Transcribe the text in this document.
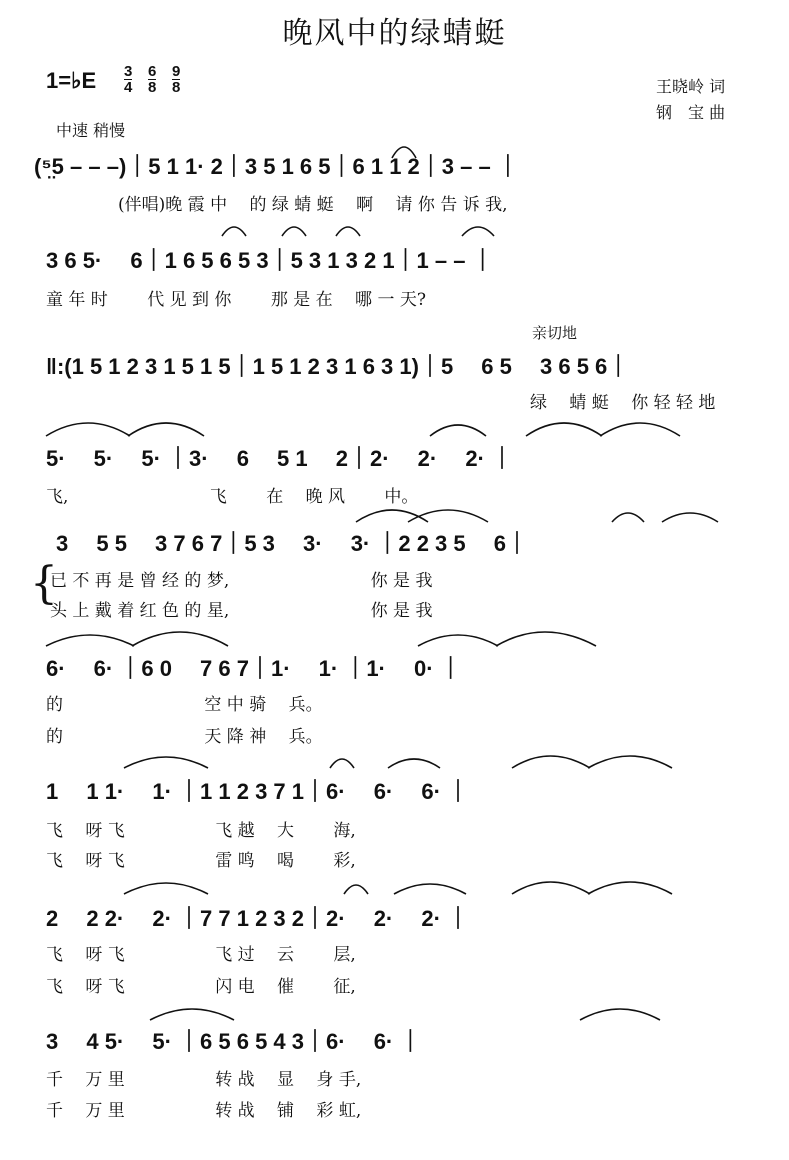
晚风中的绿蜻蜓
1=♭E 3
4
6
8
9
8	王晓岭 词
钢　宝 曲
中速 稍慢
亲切地
(⁵̤5 – – –)｜5 1 1· 2｜3 5 1 6 5｜6 1 1 2｜3 – – ｜
(伴唱)晚 霞 中 　的 绿 蜻 蜓 　啊 　请 你 告 诉 我,
3 6 5· 　6｜1 6 5 6 5 3｜5 3 1 3 2 1｜1 – – ｜
童 年 时 　　代 见 到 你 　　那 是 在 　哪 一 天?
‖:(1 5 1 2 3 1 5 1 5｜1 5 1 2 3 1 6 3 1)｜5 　6 5 　3 6 5 6｜
绿 　蜻 蜓 　你 轻 轻 地
5· 　5· 　5· ｜3· 　6 　5 1 　2｜2· 　2· 　2· ｜
飞, 　　　　　　　　飞 　　在 　晚 风 　　中。
3 　5 5 　3 7 6 7｜5 3 　3· 　3· ｜2 2 3 5 　6｜
{
已 不 再 是 曾 经 的 梦, 　　　　　　　　你 是 我
头 上 戴 着 红 色 的 星, 　　　　　　　　你 是 我
6· 　6· ｜6 0 　7 6 7｜1· 　1· ｜1· 　0· ｜
的 　　　　　　　　空 中 骑 　兵。
的 　　　　　　　　天 降 神 　兵。
1 　1 1· 　1· ｜1 1 2 3 7 1｜6· 　6· 　6· ｜
飞 　呀 飞 　　　　　飞 越 　大 　　海,
飞 　呀 飞 　　　　　雷 鸣 　喝 　　彩,
2 　2 2· 　2· ｜7 7 1 2 3 2｜2· 　2· 　2· ｜
飞 　呀 飞 　　　　　飞 过 　云 　　层,
飞 　呀 飞 　　　　　闪 电 　催 　　征,
3 　4 5· 　5· ｜6 5 6 5 4 3｜6· 　6· ｜
千 　万 里 　　　　　转 战 　显 　身 手,
千 　万 里 　　　　　转 战 　铺 　彩 虹,
